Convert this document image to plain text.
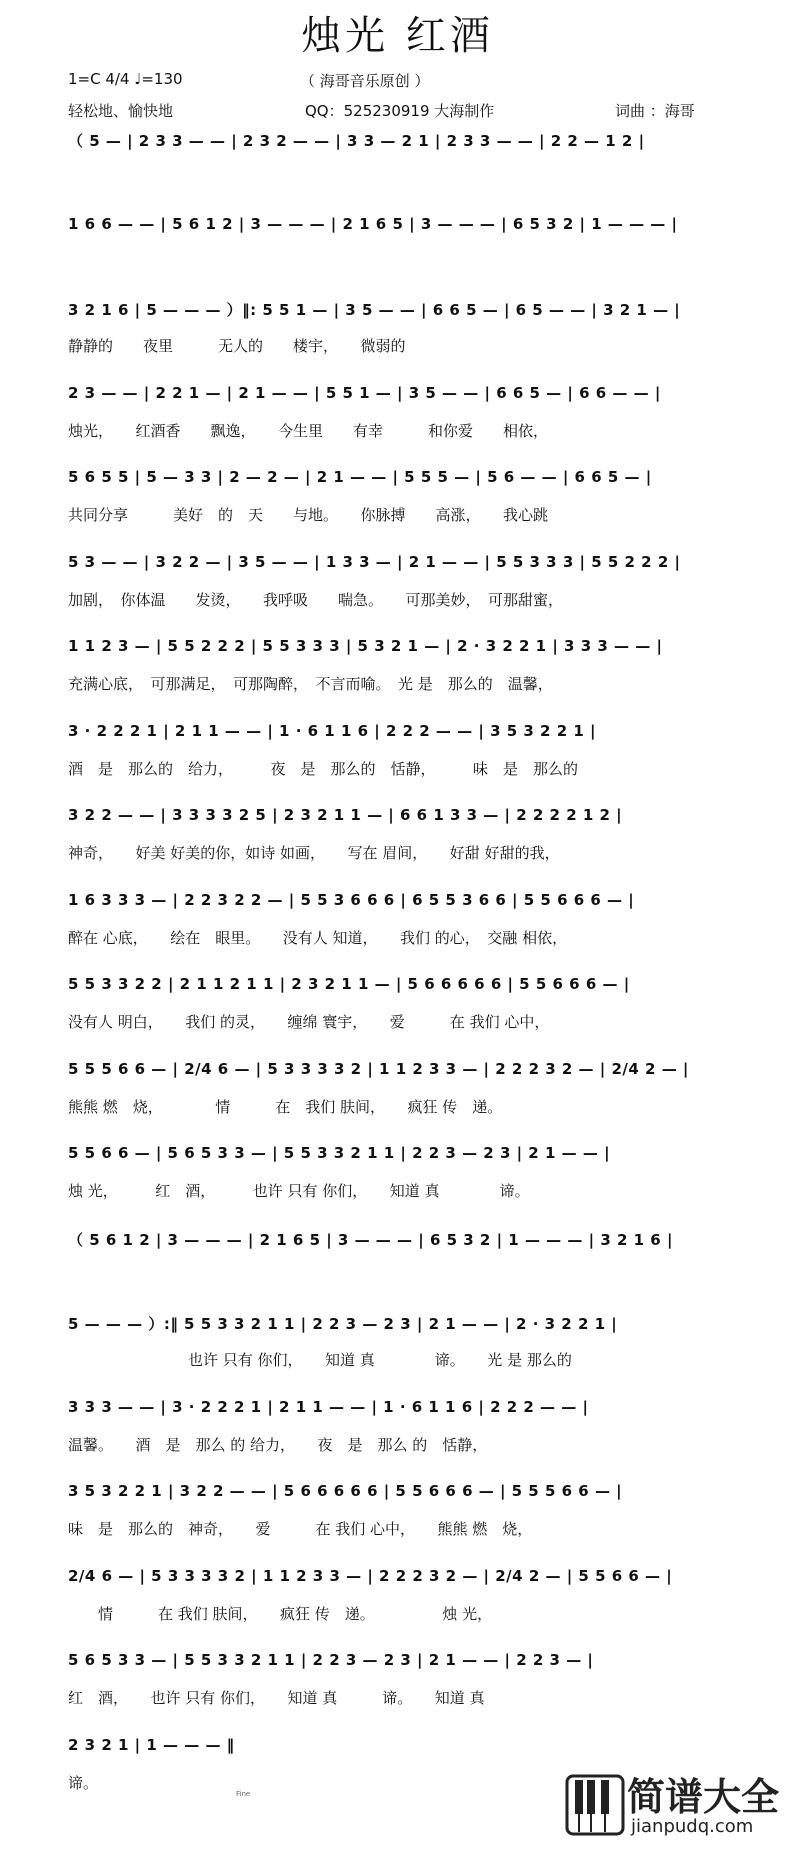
烛光 红酒
1=C 4/4 ♩=130	（ 海哥音乐原创 ）
轻松地、愉快地	QQ：525230919 大海制作	词曲 ：海哥
（ 5 — | 2 3 3 — — | 2 3 2 — — | 3 3 — 2 1 | 2 3 3 — — | 2 2 — 1 2 |
1 6 6 — — | 5 6 1 2 | 3 — — — | 2 1 6 5 | 3 — — — | 6 5 3 2 | 1 — — — |
3 2 1 6 | 5 — — — ）‖: 5 5 1 — | 3 5 — — | 6 6 5 — | 6 5 — — | 3 2 1 — |
静静的　　夜里　　　无人的　　楼宇，　　微弱的
2 3 — — | 2 2 1 — | 2 1 — — | 5 5 1 — | 3 5 — — | 6 6 5 — | 6 6 — — |
烛光，　　红酒香　　飘逸，　　今生里　　有幸　　　和你爱　　相依，
5 6 5 5 | 5 — 3 3 | 2 — 2 — | 2 1 — — | 5 5 5 — | 5 6 — — | 6 6 5 — |
共同分享　　　美好　的　天　　与地。　　你脉搏　　高涨，　　我心跳
5 3 — — | 3 2 2 — | 3 5 — — | 1 3 3 — | 2 1 — — | 5 5 3 3 3 | 5 5 2 2 2 |
加剧，　你体温　　发烫，　　我呼吸　　喘急。　　可那美妙，　可那甜蜜，
1 1 2 3 — | 5 5 2 2 2 | 5 5 3 3 3 | 5 3 2 1 — | 2 · 3 2 2 1 | 3 3 3 — — |
充满心底，　可那满足，　可那陶醉，　不言而喻。　光 是　那么的　温馨，
3 · 2 2 2 1 | 2 1 1 — — | 1 · 6 1 1 6 | 2 2 2 — — | 3 5 3 2 2 1 |
酒　是　那么的　给力，　　　夜　是　那么的　恬静，　　　味　是　那么的
3 2 2 — — | 3 3 3 3 2 5 | 2 3 2 1 1 — | 6 6 1 3 3 — | 2 2 2 2 1 2 |
神奇，　　好美 好美的你，如诗 如画，　　写在 眉间，　　好甜 好甜的我，
1 6 3 3 3 — | 2 2 3 2 2 — | 5 5 3 6 6 6 | 6 5 5 3 6 6 | 5 5 6 6 6 — |
醉在 心底，　　绘在　眼里。　　没有人 知道，　　我们 的心，　交融 相依，
5 5 3 3 2 2 | 2 1 1 2 1 1 | 2 3 2 1 1 — | 5 6 6 6 6 6 | 5 5 6 6 6 — |
没有人 明白，　　我们 的灵，　　缠绵 寰宇，　　爱　　　在 我们 心中，
5 5 5 6 6 — | 2/4 6 — | 5 3 3 3 3 2 | 1 1 2 3 3 — | 2 2 2 3 2 — | 2/4 2 — |
熊熊 燃　烧，　　　　情　　　在　我们 肤间，　　疯狂 传　递。
5 5 6 6 — | 5 6 5 3 3 — | 5 5 3 3 2 1 1 | 2 2 3 — 2 3 | 2 1 — — |
烛 光，　　　红　酒，　　　也许 只有 你们，　　知道 真　　　　谛。
（ 5 6 1 2 | 3 — — — | 2 1 6 5 | 3 — — — | 6 5 3 2 | 1 — — — | 3 2 1 6 |
5 — — — ）:‖ 5 5 3 3 2 1 1 | 2 2 3 — 2 3 | 2 1 — — | 2 · 3 2 2 1 |
　　　　　　　　也许 只有 你们，　　知道 真　　　　谛。　　光 是 那么的
3 3 3 — — | 3 · 2 2 2 1 | 2 1 1 — — | 1 · 6 1 1 6 | 2 2 2 — — |
温馨。　　酒　是　那么 的 给力，　　夜　是　那么 的　恬静，
3 5 3 2 2 1 | 3 2 2 — — | 5 6 6 6 6 6 | 5 5 6 6 6 — | 5 5 5 6 6 — |
味　是　那么的　神奇，　　爱　　　在 我们 心中，　　熊熊 燃　烧，
2/4 6 — | 5 3 3 3 3 2 | 1 1 2 3 3 — | 2 2 2 3 2 — | 2/4 2 — | 5 5 6 6 — |
　　情　　　在 我们 肤间，　　疯狂 传　递。　　　　　烛 光，
5 6 5 3 3 — | 5 5 3 3 2 1 1 | 2 2 3 — 2 3 | 2 1 — — | 2 2 3 — |
红　酒，　　也许 只有 你们，　　知道 真　　　谛。　　知道 真
2 3 2 1 | 1 — — — ‖
谛。
Fine	简谱大全
jianpudq.com
